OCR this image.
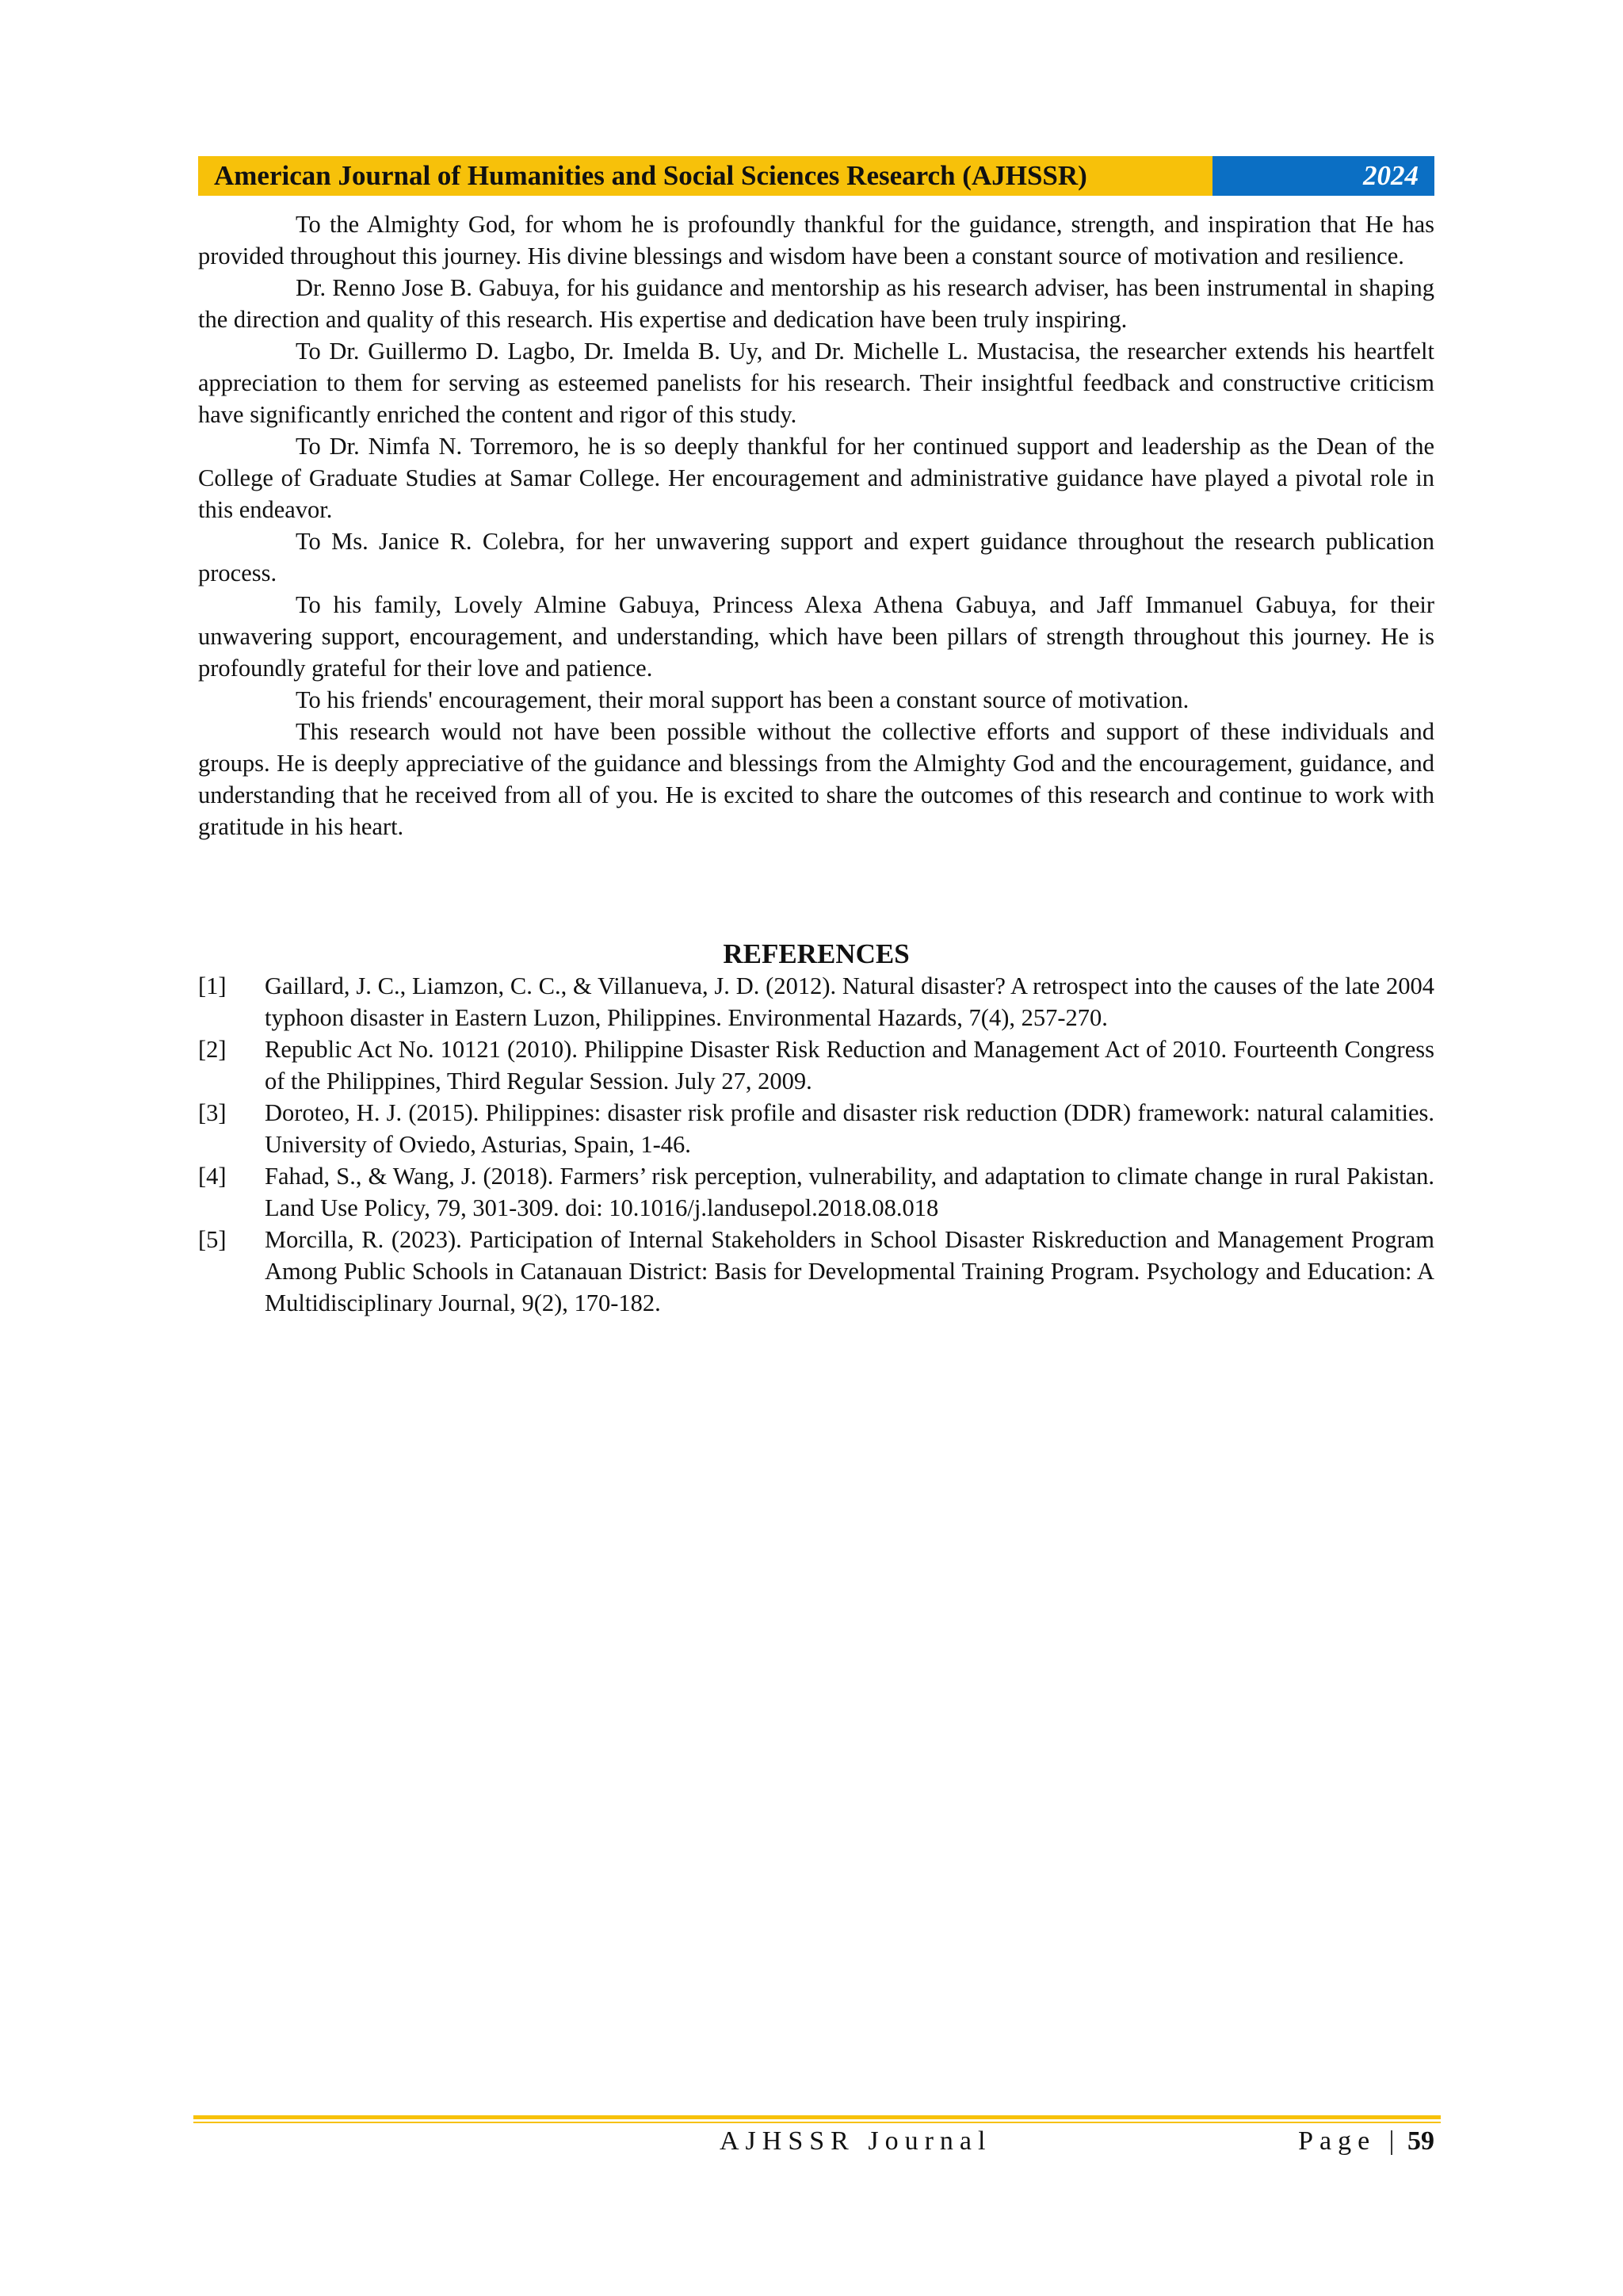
American Journal of Humanities and Social Sciences Research (AJHSSR)	2024

To the Almighty God, for whom he is profoundly thankful for the guidance, strength, and inspiration that He has provided throughout this journey. His divine blessings and wisdom have been a constant source of motivation and resilience.

Dr. Renno Jose B. Gabuya, for his guidance and mentorship as his research adviser, has been instrumental in shaping the direction and quality of this research. His expertise and dedication have been truly inspiring.

To Dr. Guillermo D. Lagbo, Dr. Imelda B. Uy, and Dr. Michelle L. Mustacisa, the researcher extends his heartfelt appreciation to them for serving as esteemed panelists for his research. Their insightful feedback and constructive criticism have significantly enriched the content and rigor of this study.

To Dr. Nimfa N. Torremoro, he is so deeply thankful for her continued support and leadership as the Dean of the College of Graduate Studies at Samar College. Her encouragement and administrative guidance have played a pivotal role in this endeavor.

To Ms. Janice R. Colebra, for her unwavering support and expert guidance throughout the research publication process.

To his family, Lovely Almine Gabuya, Princess Alexa Athena Gabuya, and Jaff Immanuel Gabuya, for their unwavering support, encouragement, and understanding, which have been pillars of strength throughout this journey. He is profoundly grateful for their love and patience.

To his friends' encouragement, their moral support has been a constant source of motivation.

This research would not have been possible without the collective efforts and support of these individuals and groups. He is deeply appreciative of the guidance and blessings from the Almighty God and the encouragement, guidance, and understanding that he received from all of you. He is excited to share the outcomes of this research and continue to work with gratitude in his heart.

REFERENCES
[1]	Gaillard, J. C., Liamzon, C. C., & Villanueva, J. D. (2012). Natural disaster? A retrospect into the causes of the late 2004 typhoon disaster in Eastern Luzon, Philippines. Environmental Hazards, 7(4), 257-270.
[2]	Republic Act No. 10121 (2010). Philippine Disaster Risk Reduction and Management Act of 2010. Fourteenth Congress of the Philippines, Third Regular Session. July 27, 2009.
[3]	Doroteo, H. J. (2015). Philippines: disaster risk profile and disaster risk reduction (DDR) framework: natural calamities. University of Oviedo, Asturias, Spain, 1-46.
[4]	Fahad, S., & Wang, J. (2018). Farmers’ risk perception, vulnerability, and adaptation to climate change in rural Pakistan. Land Use Policy, 79, 301-309. doi: 10.1016/j.landusepol.2018.08.018
[5]	Morcilla, R. (2023). Participation of Internal Stakeholders in School Disaster Riskreduction and Management Program Among Public Schools in Catanauan District: Basis for Developmental Training Program. Psychology and Education: A Multidisciplinary Journal, 9(2), 170-182.
AJHSSR Journal	Page | 59
